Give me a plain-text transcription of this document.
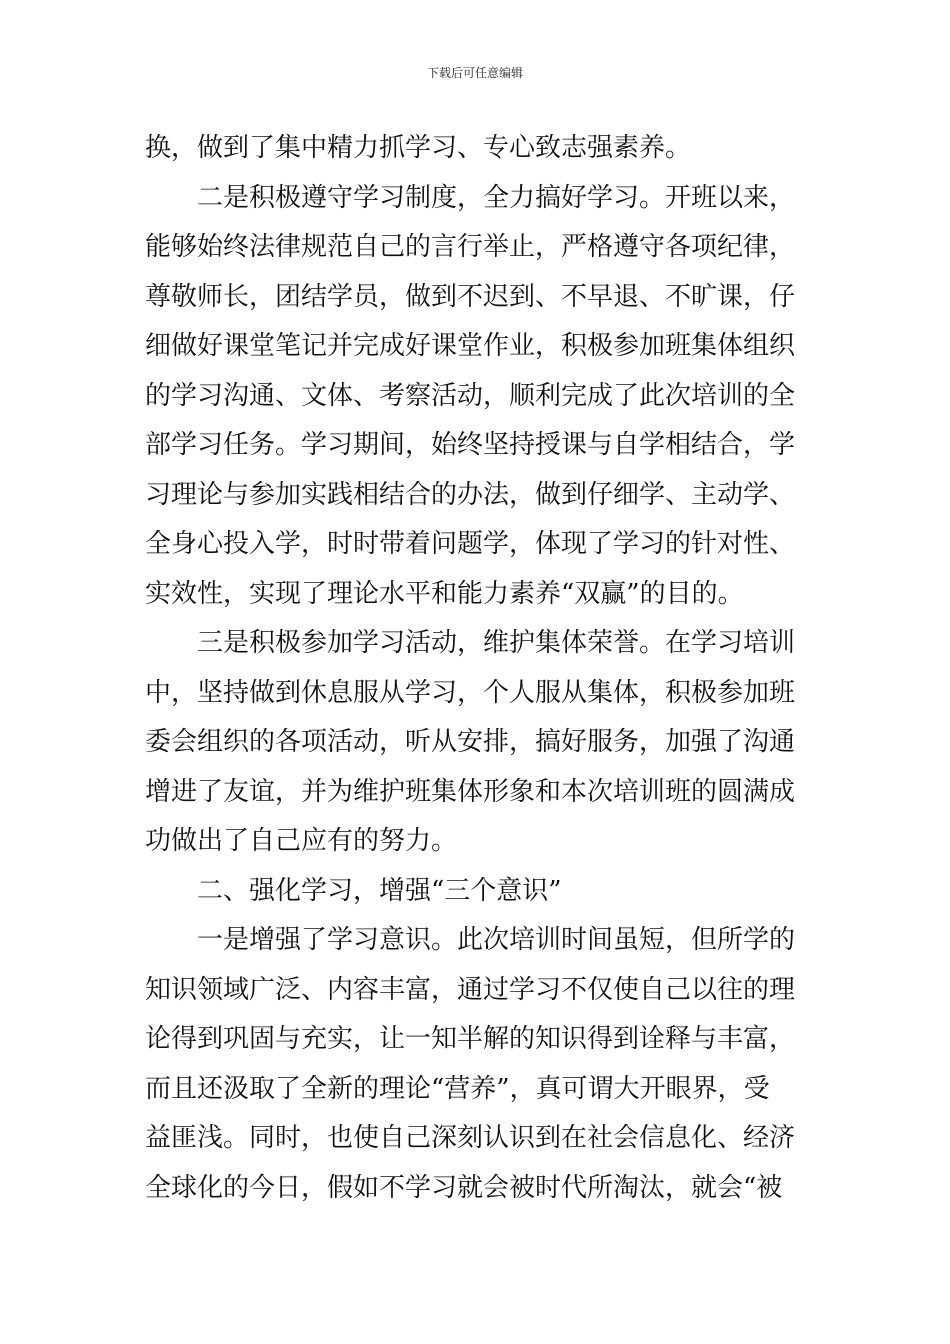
下载后可任意编辑
换，做到了集中精力抓学习、专心致志强素养。
二是积极遵守学习制度，全力搞好学习。开班以来，
能够始终法律规范自己的言行举止，严格遵守各项纪律，
尊敬师长，团结学员，做到不迟到、不早退、不旷课，仔
细做好课堂笔记并完成好课堂作业，积极参加班集体组织
的学习沟通、文体、考察活动，顺利完成了此次培训的全
部学习任务。学习期间，始终坚持授课与自学相结合，学
习理论与参加实践相结合的办法，做到仔细学、主动学、
全身心投入学，时时带着问题学，体现了学习的针对性、
实效性，实现了理论水平和能力素养“双赢”的目的。
三是积极参加学习活动，维护集体荣誉。在学习培训
中，坚持做到休息服从学习，个人服从集体，积极参加班
委会组织的各项活动，听从安排，搞好服务，加强了沟通
增进了友谊，并为维护班集体形象和本次培训班的圆满成
功做出了自己应有的努力。
二、强化学习，增强“三个意识”
一是增强了学习意识。此次培训时间虽短，但所学的
知识领域广泛、内容丰富，通过学习不仅使自己以往的理
论得到巩固与充实，让一知半解的知识得到诠释与丰富，
而且还汲取了全新的理论“营养”，真可谓大开眼界，受
益匪浅。同时，也使自己深刻认识到在社会信息化、经济
全球化的今日，假如不学习就会被时代所淘汰，就会“被
